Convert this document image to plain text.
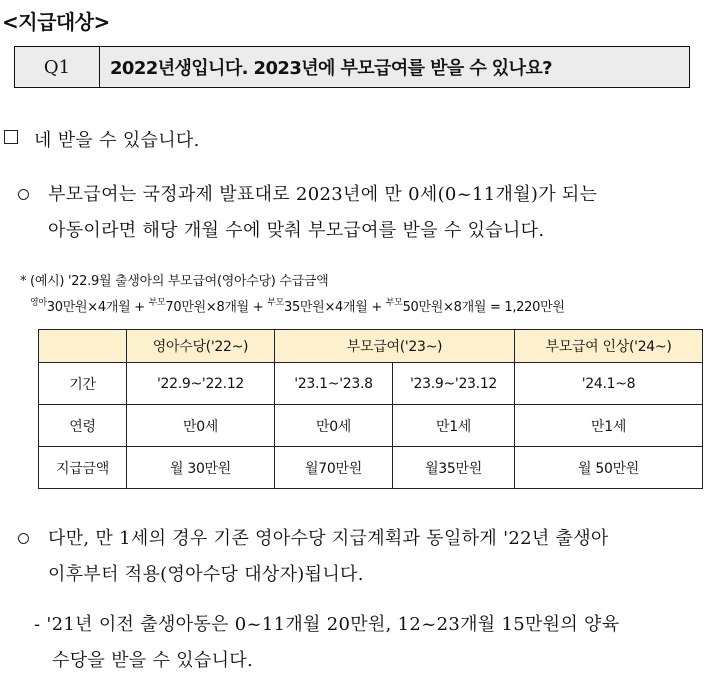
<지급대상>
Q1	2022년생입니다. 2023년에 부모급여를 받을 수 있나요?
네 받을 수 있습니다.
부모급여는 국정과제 발표대로 2023년에 만 0세(0~11개월)가 되는
아동이라면 해당 개월 수에 맞춰 부모급여를 받을 수 있습니다.
* (예시) '22.9월 출생아의 부모급여(영아수당) 수급금액
$^{영아}$30만원×4개월 + $^{부모}$70만원×8개월 + $^{부모}$35만원×4개월 + $^{부모}$50만원×8개월 = 1,220만원
	영아수당('22~)	부모급여('23~)		부모급여 인상('24~)
기간	'22.9~'22.12	'23.1~'23.8	'23.9~'23.12	'24.1~8
연령	만0세	만0세	만1세	만1세
지급금액	월 30만원	월70만원	월35만원	월 50만원
다만, 만 1세의 경우 기존 영아수당 지급계획과 동일하게 '22년 출생아
이후부터 적용(영아수당 대상자)됩니다.
- '21년 이전 출생아동은 0~11개월 20만원, 12~23개월 15만원의 양육
수당을 받을 수 있습니다.
